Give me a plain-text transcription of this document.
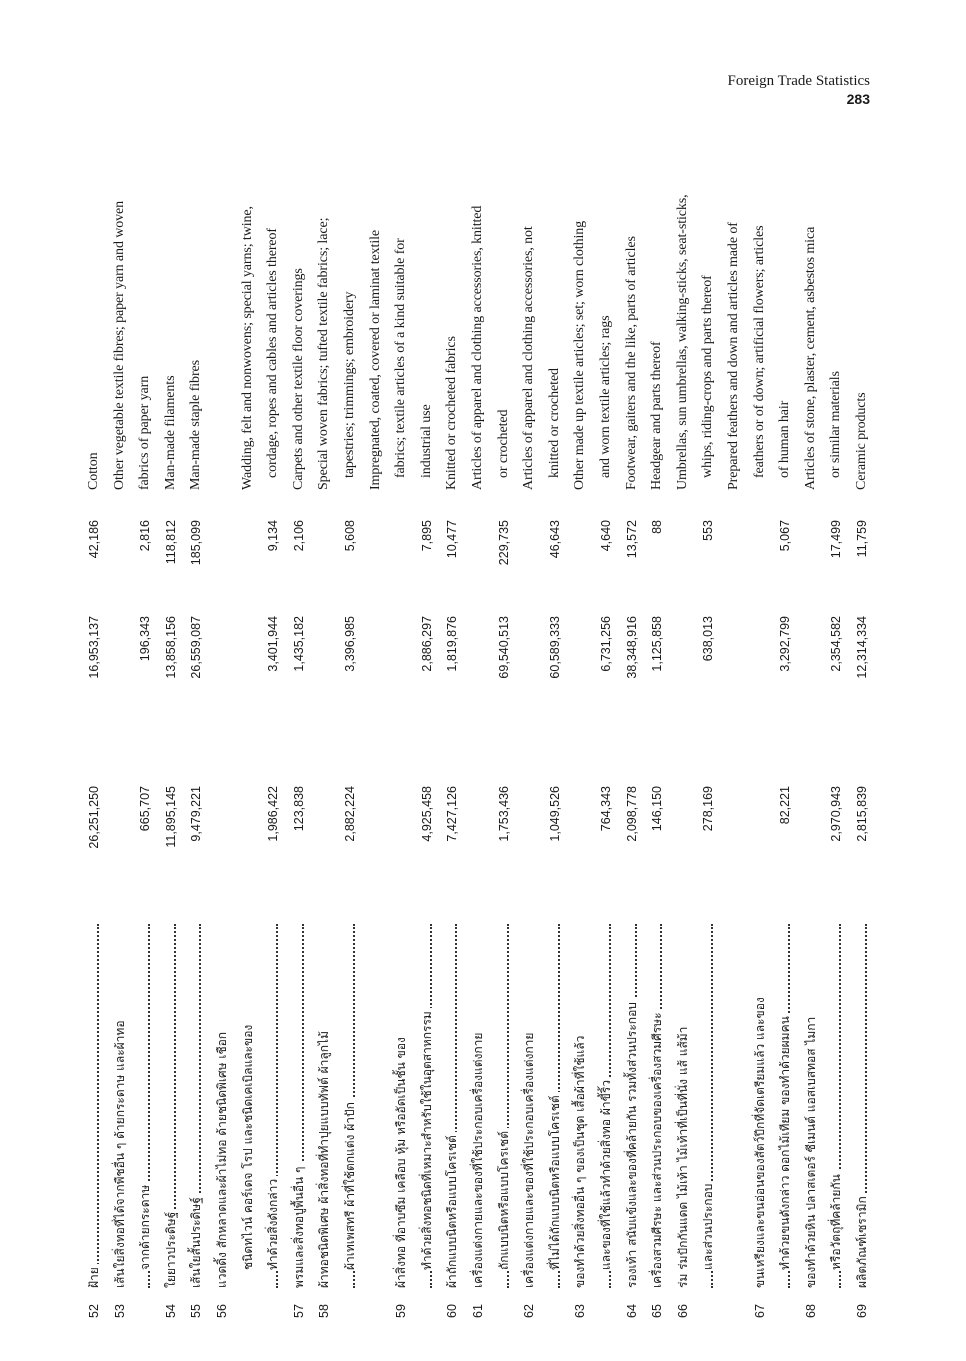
Foreign Trade Statistics
283
52
ฝ้าย
26,251,250
16,953,137
42,186
Cotton
53
เส้นใยสิ่งทอที่ได้จากพืชอื่น ๆ ด้ายกระดาษ และผ้าทอ
Other vegetable textile fibres; paper yarn and woven
จากด้ายกระดาษ
665,707
196,343
2,816
fabrics of paper yarn
54
ใยยาวประดิษฐ์
11,895,145
13,858,156
118,812
Man-made filaments
55
เส้นใยสั้นประดิษฐ์
9,479,221
26,559,087
185,099
Man-made staple fibres
56
แวดดิ้ง สักหลาดและผ้าไม่ทอ ด้ายชนิดพิเศษ เชือก ชนิดทไวน์ คอร์เดจ โรป และชนิดเคเบิลและของ
Wadding, felt and nonwovens; special yarns; twine,
ทำด้วยสิ่งดังกล่าว
1,986,422
3,401,944
9,134
cordage, ropes and cables and articles thereof
57
พรมและสิ่งทอปูพื้นอื่น ๆ
123,838
1,435,182
2,106
Carpets and other textile floor coverings
58
ผ้าทอชนิดพิเศษ ผ้าสิ่งทอที่ทำปุยแบบทัฟต์ ผ้าลูกไม้
Special woven fabrics; tufted textile fabrics; lace;
ผ้าเทเพสทรี ผ้าที่ใช้ตกแต่ง ผ้าปัก
2,882,224
3,396,985
5,608
tapestries; trimmings; embroidery Impregnated, coated, covered or laminat textile
59
ผ้าสิ่งทอ ที่อาบซึม เคลือบ หุ้ม หรืออัดเป็นชั้น ของ
fabrics; textile articles of a kind suitable for
ทำด้วยสิ่งทอชนิดที่เหมาะสำหรับใช้ในอุตสาหกรรม
4,925,458
2,886,297
7,895
industrial use
60
ผ้าถักแบบนิตหรือแบบโครเชต์
7,427,126
1,819,876
10,477
Knitted or crocheted fabrics
61
เครื่องแต่งกายและของที่ใช้ประกอบเครื่องแต่งกาย
Articles of apparel and clothing accessories, knitted
ถักแบบนิตหรือแบบโครเชต์
1,753,436
69,540,513
229,735
or crocheted
62
เครื่องแต่งกายและของที่ใช้ประกอบเครื่องแต่งกาย
Articles of apparel and clothing accessories, not
ที่ไม่ได้ถักแบบนิตหรือแบบโครเชต์
1,049,526
60,589,333
46,643
knitted or crocheted
63
ของทำด้วยสิ่งทออื่น ๆ ของเป็นชุด เสื้อผ้าที่ใช้แล้ว
Other made up textile articles; set; worn clothing
และของที่ใช้แล้วทำด้วยสิ่งทอ ผ้าขี้ริ้ว
764,343
6,731,256
4,640
and worn textile articles; rags
64
รองเท้า สนับแข้งและของที่คล้ายกัน รวมทั้งส่วนประกอบ
2,098,778
38,348,916
13,572
Footwear, gaiters and the like, parts of articles
65
เครื่องสวมศีรษะ และส่วนประกอบของเครื่องสวมศีรษะ
146,150
1,125,858
88
Headgear and parts thereof
66
ร่ม ร่มปักกันแดด ไม้เท้า ไม้เท้าที่เป็นที่นั่ง แส้ แส้ม้า
Umbrellas, sun umbrellas, walking-sticks, seat-sticks,
และส่วนประกอบ
278,169
638,013
553
whips, riding-crops and parts thereof Prepared feathers and down and articles made of
67
ขนเหรียงและขนอ่อนของสัตว์ปีกที่จัดเตรียมแล้ว และของ
feathers or of down; artificial flowers; articles
ทำด้วยขนดังกล่าว ดอกไม้เทียม ของทำด้วยผมคน
82,221
3,292,799
5,067
of human hair
68
ของทำด้วยหิน ปลาสเตอร์ ซีเมนต์ แอสเบสทอส ไมกา
Articles of stone, plaster, cement, asbestos mica
หรือวัตถุที่คล้ายกัน
2,970,943
2,354,582
17,499
or similar materials
69
ผลิตภัณฑ์เซรามิก
2,815,839
12,314,334
11,759
Ceramic products
